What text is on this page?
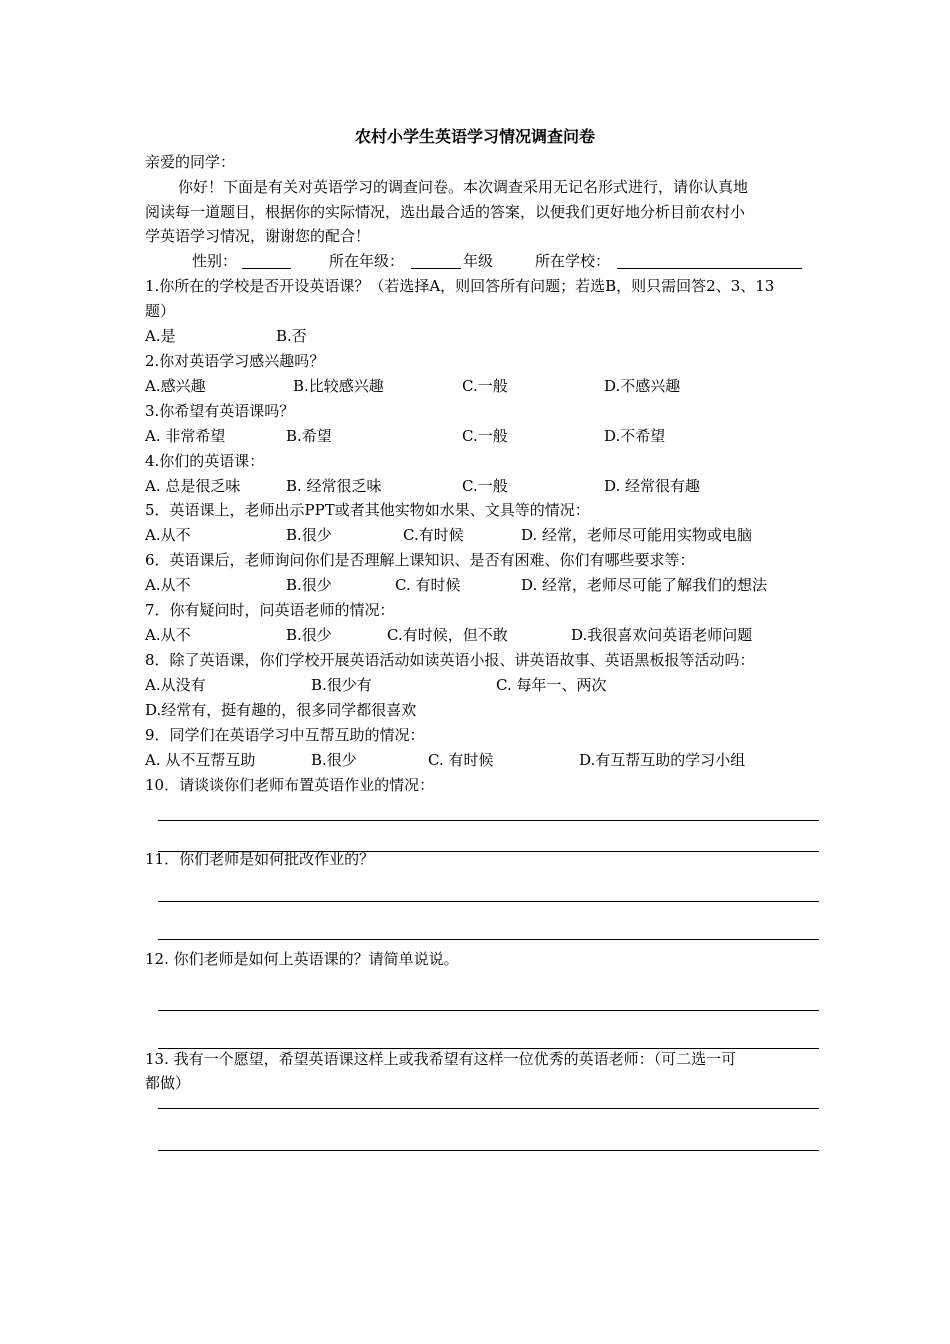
农村小学生英语学习情况调查问卷
亲爱的同学：
你好！下面是有关对英语学习的调查问卷。本次调查采用无记名形式进行，请你认真地
阅读每一道题目，根据你的实际情况，选出最合适的答案，以便我们更好地分析目前农村小
学英语学习情况，谢谢您的配合！
性别：	所在年级：	年级	所在学校：
1.你所在的学校是否开设英语课？（若选择A，则回答所有问题；若选B，则只需回答2、3、13
题）
A.是	B.否
2.你对英语学习感兴趣吗？
A.感兴趣	B.比较感兴趣	C.一般	D.不感兴趣
3.你希望有英语课吗？
A. 非常希望	B.希望	C.一般	D.不希望
4.你们的英语课：
A. 总是很乏味	B. 经常很乏味	C.一般	D. 经常很有趣
5．英语课上，老师出示PPT或者其他实物如水果、文具等的情况：
A.从不	B.很少	C.有时候	D. 经常，老师尽可能用实物或电脑
6．英语课后，老师询问你们是否理解上课知识、是否有困难、你们有哪些要求等：
A.从不	B.很少	C. 有时候	D. 经常，老师尽可能了解我们的想法
7．你有疑问时，问英语老师的情况：
A.从不	B.很少	C.有时候，但不敢	D.我很喜欢问英语老师问题
8．除了英语课，你们学校开展英语活动如读英语小报、讲英语故事、英语黑板报等活动吗：
A.从没有	B.很少有	C. 每年一、两次
D.经常有，挺有趣的，很多同学都很喜欢
9．同学们在英语学习中互帮互助的情况：
A. 从不互帮互助	B.很少	C. 有时候	D.有互帮互助的学习小组
10．请谈谈你们老师布置英语作业的情况：
11．你们老师是如何批改作业的？
12. 你们老师是如何上英语课的？请简单说说。
13. 我有一个愿望，希望英语课这样上或我希望有这样一位优秀的英语老师：（可二选一可
都做）
